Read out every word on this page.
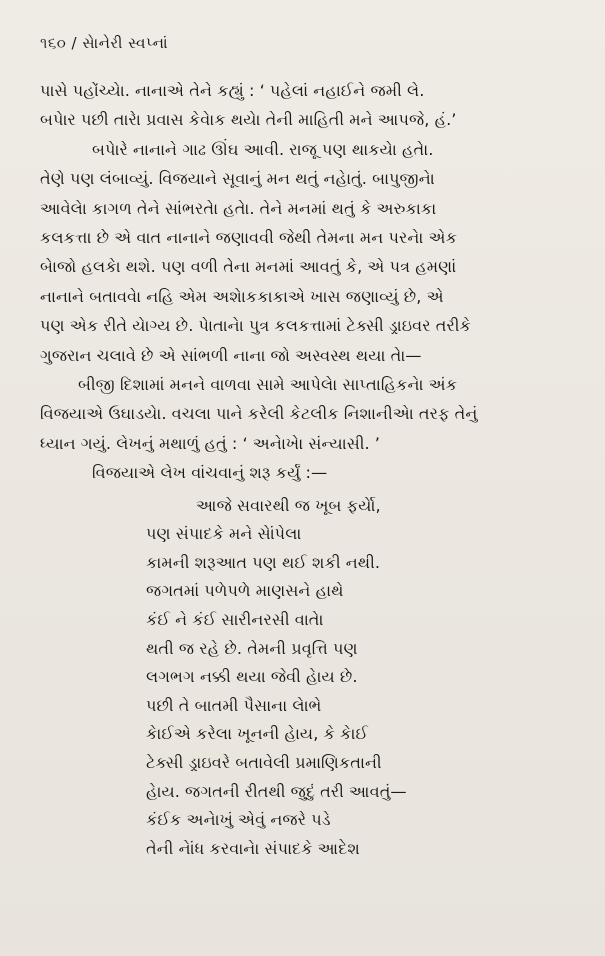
૧૬૦ / સેાનેરી સ્વપ્નાં

પાસે પહોંચ્યેા. નાનાએ તેને કહ્યું : ‘ પહેલાં નહાઈને જમી લે.

બપેાર પછી તારેા પ્રવાસ કેવેાક થયેા તેની માહિતી મને આપજે, હં.’

બપેારે નાનાને ગાઢ ઊંઘ આવી. રાજૂ પણ થાકયેા હતેા.

તેણે પણ લંબાવ્યું. વિજયાને સૂવાનું મન થતું નહેાતું. બાપુજીનેા

આવેલેા કાગળ તેને સાંભરતેા હતેા. તેને મનમાં થતું કે અરુકાકા

કલકત્તા છે એ વાત નાનાને જણાવવી જેથી તેમના મન પરનેા એક

બેાજો હલકેા થશે. પણ વળી તેના મનમાં આવતું કે, એ પત્ર હમણાં

નાનાને બતાવવેા નહિ એમ અશેાકકાકાએ ખાસ જણાવ્યું છે, એ

પણ એક રીતે યેાગ્ય છે. પેાતાનેા પુત્ર કલકત્તામાં ટેક્સી ડ્રાઇવર તરીકે

ગુજરાન ચલાવે છે એ સાંભળી નાના જો અસ્વસ્થ થયા તેા—

બીજી દિશામાં મનને વાળવા સામે આપેલેા સાપ્તાહિકનેા અંક

વિજયાએ ઉઘાડયેા. વચલા પાને કરેલી કેટલીક નિશાનીએા તરફ તેનું

ધ્યાન ગયું. લેખનું મથાળું હતું : ‘ અનેાખેા સંન્યાસી. ’

વિજયાએ લેખ વાંચવાનું શરૂ કર્યું :—

આજે સવારથી જ ખૂબ ફર્યેા,
પણ સંપાદકે મને સેાંપેલા
કામની શરૂઆત પણ થઈ શકી નથી.
જગતમાં પળેપળે માણસને હાથે
કંઈ ને કંઈ સારીનરસી વાતેા
થતી જ રહે છે. તેમની પ્રવૃત્તિ પણ
લગભગ નક્કી થયા જેવી હેાય છે.
પછી તે બાતમી પૈસાના લેાભે
કેાઈએ કરેલા ખૂનની હેાય, કે કેાઈ
ટેક્સી ડ્રાઇવરે બતાવેલી પ્રમાણિકતાની
હેાય. જગતની રીતથી જુદું તરી આવતું—
કંઈક અનેાખું એવું નજરે પડે
તેની નેાંધ કરવાનેા સંપાદકે આદેશ
